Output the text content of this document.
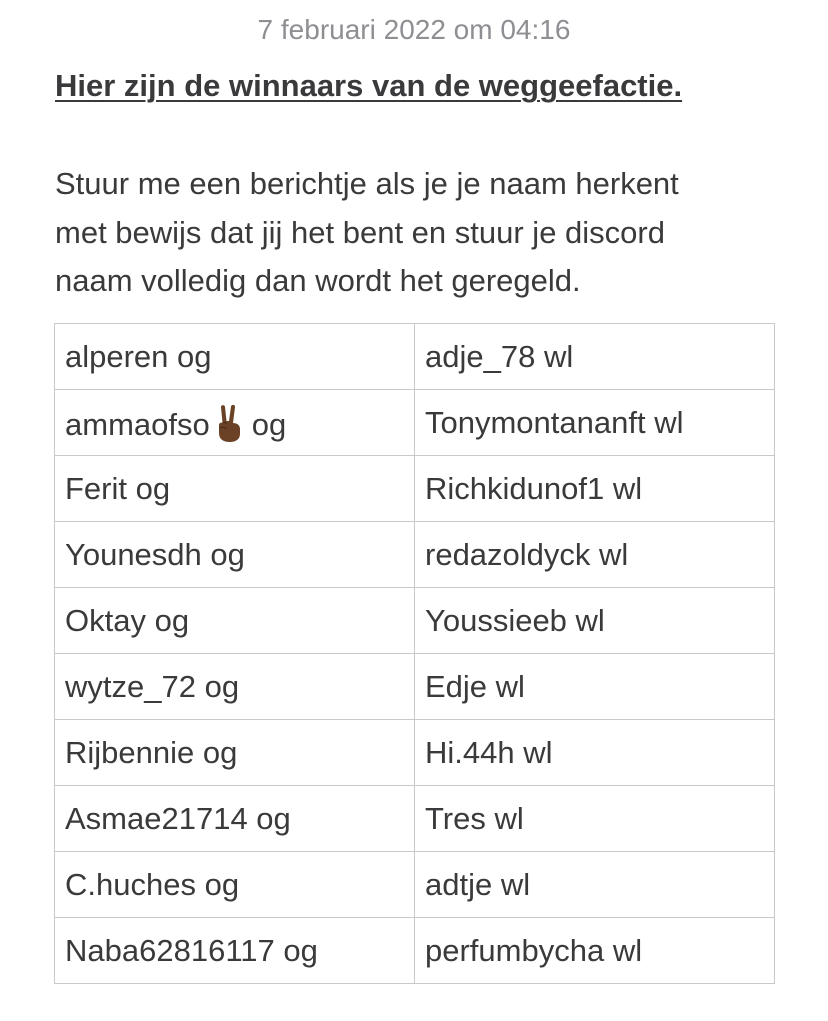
7 februari 2022 om 04:16
Hier zijn de winnaars van de weggeefactie.
Stuur me een berichtje als je je naam herkent
met bewijs dat jij het bent en stuur je discord
naam volledig dan wordt het geregeld.
alperen og	adje_78 wl
ammaofso og	Tonymontananft wl
Ferit og	Richkidunof1 wl
Younesdh og	redazoldyck wl
Oktay og	Youssieeb wl
wytze_72 og	Edje wl
Rijbennie og	Hi.44h wl
Asmae21714 og	Tres wl
C.huches og	adtje wl
Naba62816117 og	perfumbycha wl
